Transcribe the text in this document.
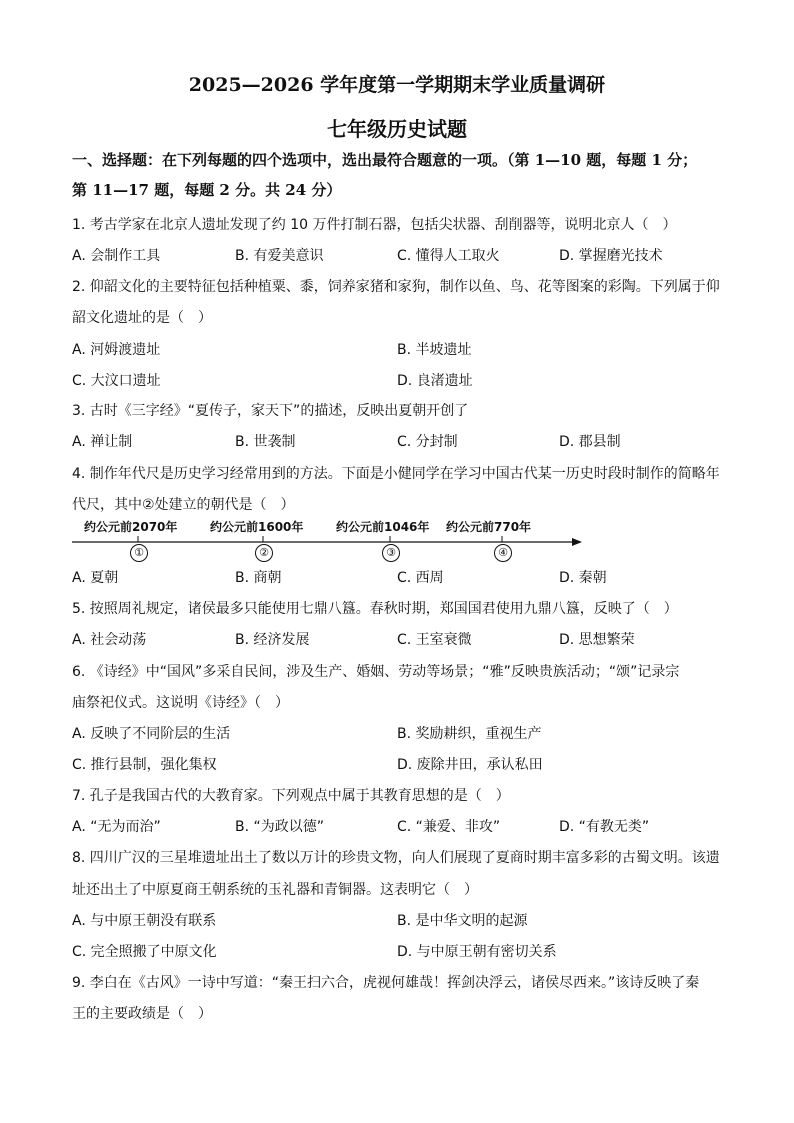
2025—2026 学年度第一学期期末学业质量调研
七年级历史试题
一、选择题：在下列每题的四个选项中，选出最符合题意的一项。（第 1—10 题，每题 1 分；
第 11—17 题，每题 2 分。共 24 分）
1. 考古学家在北京人遗址发现了约 10 万件打制石器，包括尖状器、刮削器等，说明北京人（　）
A. 会制作工具	B. 有爱美意识	C. 懂得人工取火	D. 掌握磨光技术
2. 仰韶文化的主要特征包括种植粟、黍，饲养家猪和家狗，制作以鱼、鸟、花等图案的彩陶。下列属于仰
韶文化遗址的是（　）
A. 河姆渡遗址	B. 半坡遗址
C. 大汶口遗址	D. 良渚遗址
3. 古时《三字经》“夏传子，家天下”的描述，反映出夏朝开创了
A. 禅让制	B. 世袭制	C. 分封制	D. 郡县制
4. 制作年代尺是历史学习经常用到的方法。下面是小健同学在学习中国古代某一历史时段时制作的简略年
代尺，其中②处建立的朝代是（　）
约公元前2070年	约公元前1600年	约公元前1046年 约公元前770年
①	②	③	④
A. 夏朝	B. 商朝	C. 西周	D. 秦朝
5. 按照周礼规定，诸侯最多只能使用七鼎八簋。春秋时期，郑国国君使用九鼎八簋，反映了（　）
A. 社会动荡	B. 经济发展	C. 王室衰微	D. 思想繁荣
6. 《诗经》中“国风”多采自民间，涉及生产、婚姻、劳动等场景；“雅”反映贵族活动；“颂”记录宗
庙祭祀仪式。这说明《诗经》（　）
A. 反映了不同阶层的生活	B. 奖励耕织，重视生产
C. 推行县制，强化集权	D. 废除井田，承认私田
7. 孔子是我国古代的大教育家。下列观点中属于其教育思想的是（　）
A. “无为而治”	B. “为政以德”	C. “兼爱、非攻”	D. “有教无类”
8. 四川广汉的三星堆遗址出土了数以万计的珍贵文物，向人们展现了夏商时期丰富多彩的古蜀文明。该遗
址还出土了中原夏商王朝系统的玉礼器和青铜器。这表明它（　）
A. 与中原王朝没有联系	B. 是中华文明的起源
C. 完全照搬了中原文化	D. 与中原王朝有密切关系
9. 李白在《古风》一诗中写道：“秦王扫六合，虎视何雄哉！挥剑决浮云，诸侯尽西来。”该诗反映了秦
王的主要政绩是（　）
